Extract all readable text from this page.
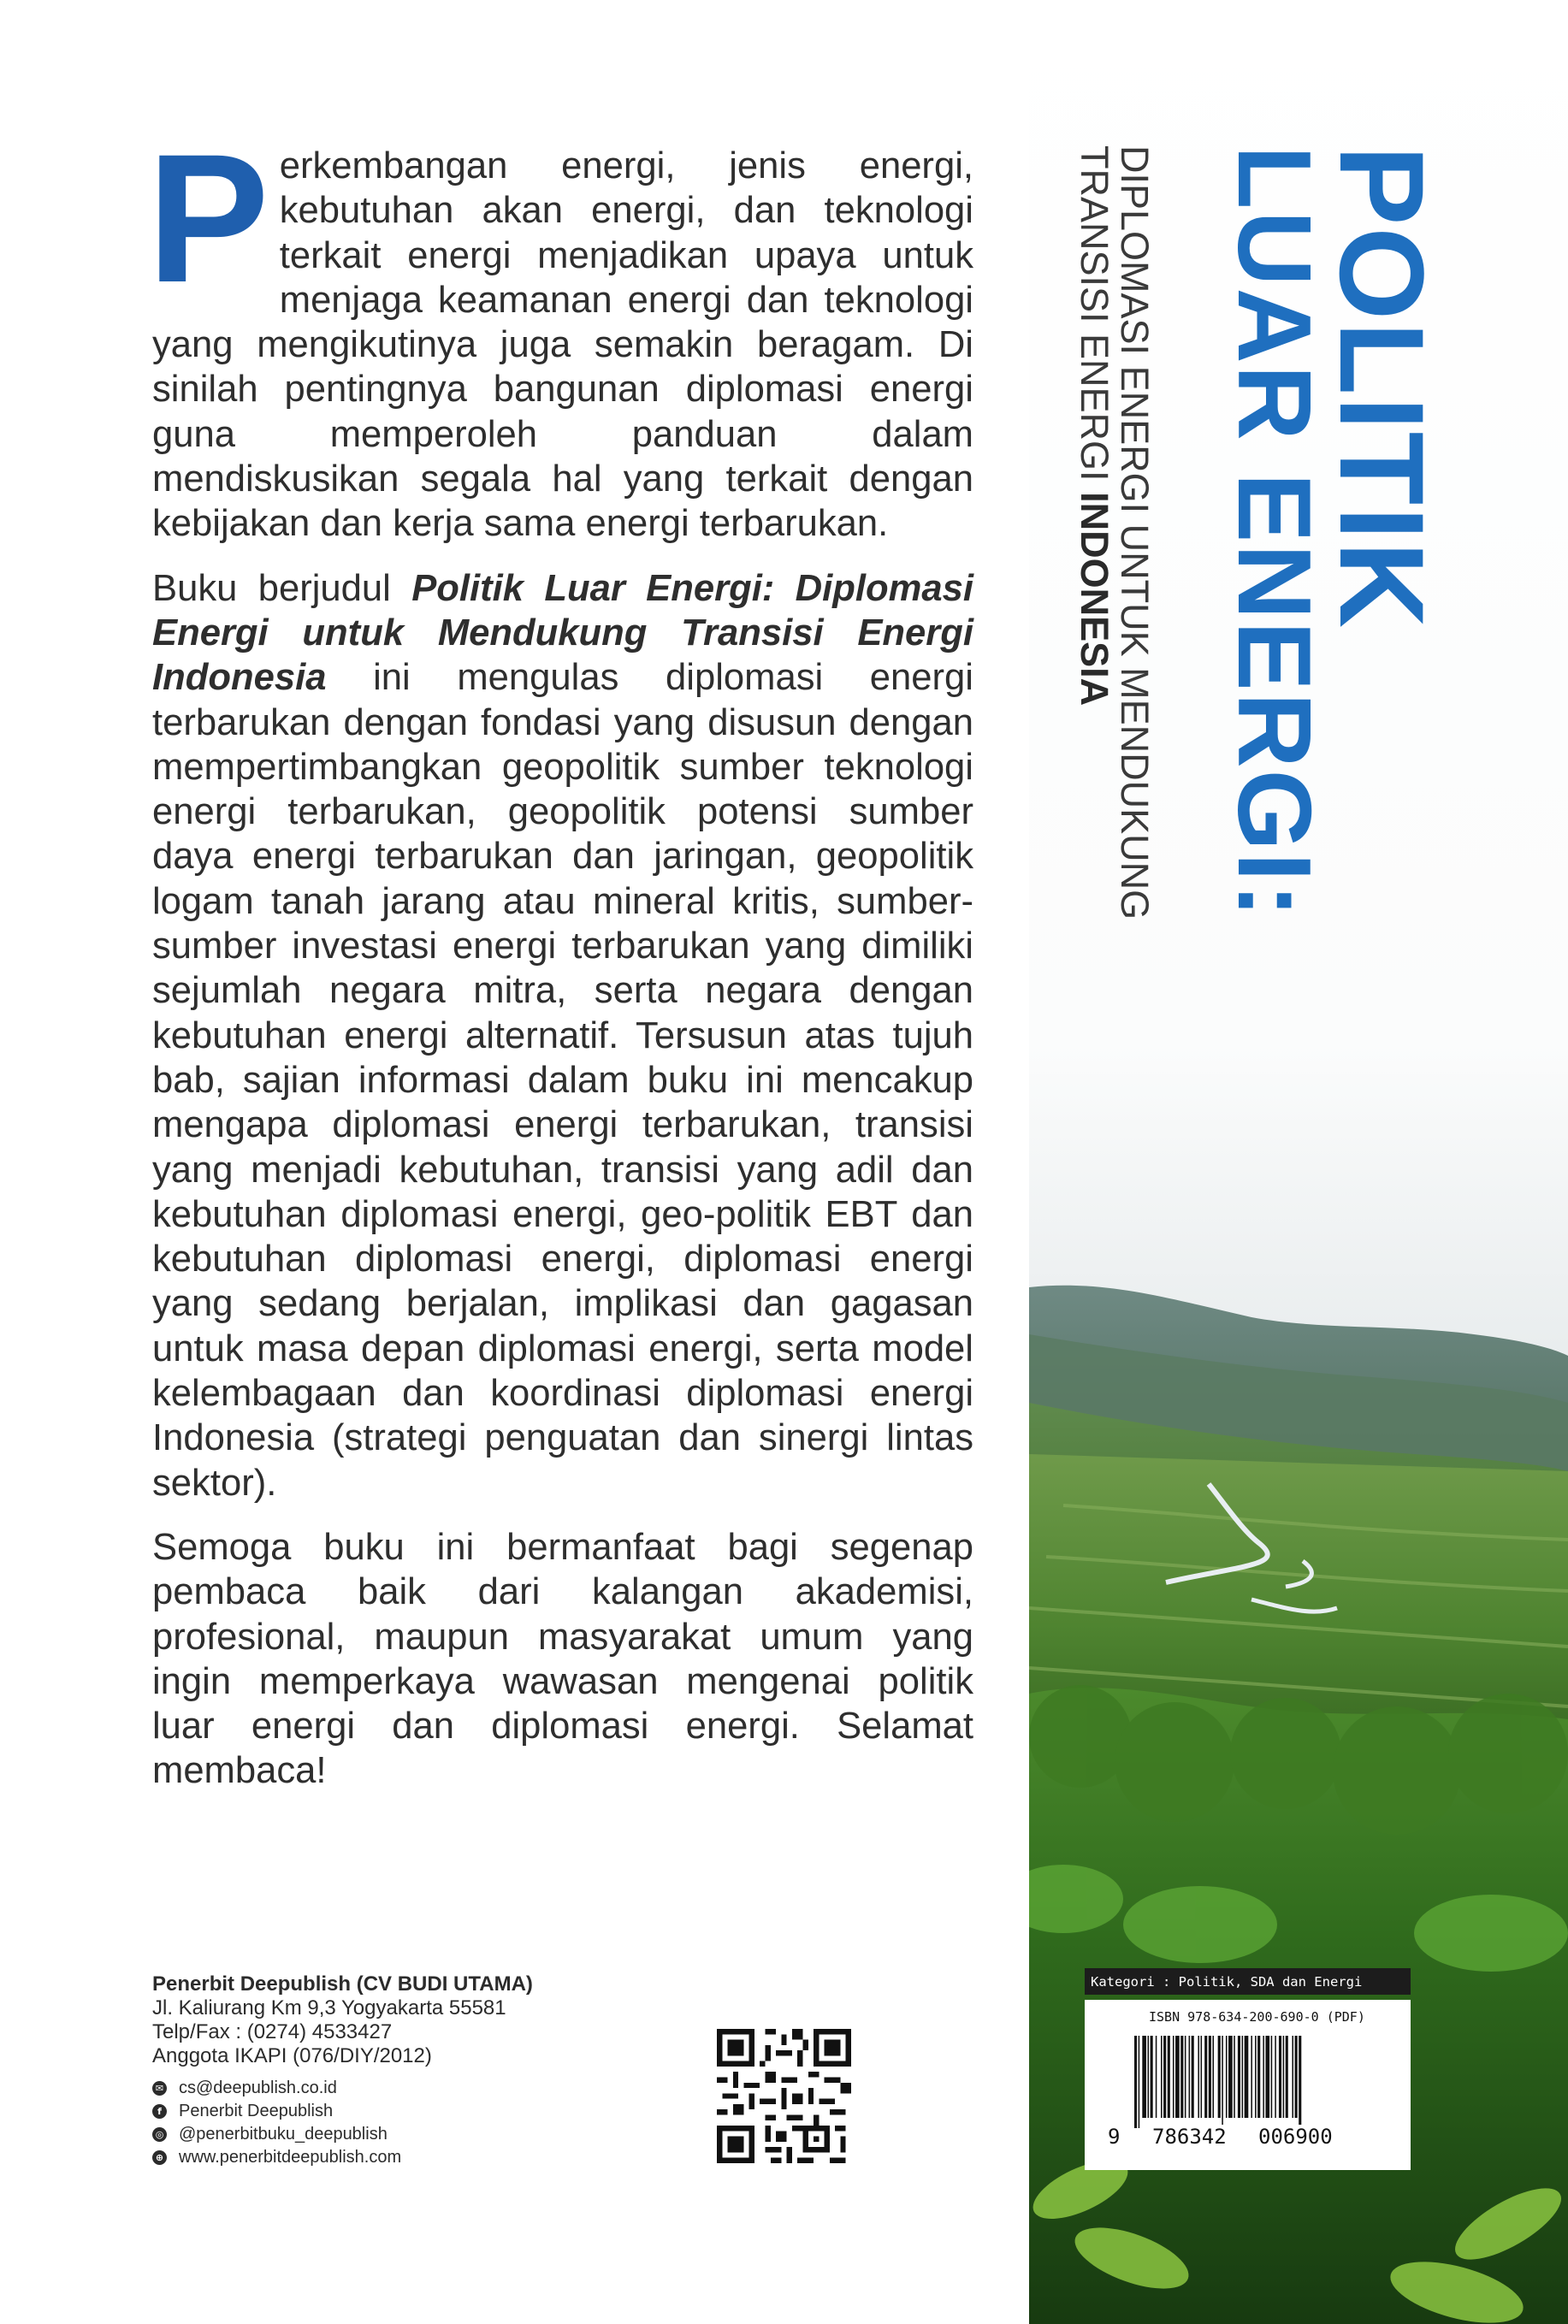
POLITIK
LUAR ENERGI:
DIPLOMASI ENERGI UNTUK MENDUKUNG
TRANSISI ENERGI INDONESIA

Perkembangan energi, jenis energi, kebutuhan akan energi, dan teknologi terkait energi menjadikan upaya untuk menjaga keamanan energi dan teknologi yang mengikutinya juga semakin beragam. Di sinilah pentingnya bangunan diplomasi energi guna memperoleh panduan dalam mendiskusikan segala hal yang terkait dengan kebijakan dan kerja sama energi terbarukan.

Buku berjudul Politik Luar Energi: Diplomasi Energi untuk Mendukung Transisi Energi Indonesia ini mengulas diplomasi energi terbarukan dengan fondasi yang disusun dengan mempertimbangkan geopolitik sumber teknologi energi terbarukan, geopolitik potensi sumber daya energi terbarukan dan jaringan, geopolitik logam tanah jarang atau mineral kritis, sumber-sumber investasi energi terbarukan yang dimiliki sejumlah negara mitra, serta negara dengan kebutuhan energi alternatif. Tersusun atas tujuh bab, sajian informasi dalam buku ini mencakup mengapa diplomasi energi terbarukan, transisi yang menjadi kebutuhan, transisi yang adil dan kebutuhan diplomasi energi, geo-politik EBT dan kebutuhan diplomasi energi, diplomasi energi yang sedang berjalan, implikasi dan gagasan untuk masa depan diplomasi energi, serta model kelembagaan dan koordinasi diplomasi energi Indonesia (strategi penguatan dan sinergi lintas sektor).

Semoga buku ini bermanfaat bagi segenap pembaca baik dari kalangan akademisi, profesional, maupun masyarakat umum yang ingin memperkaya wawasan mengenai politik luar energi dan diplomasi energi. Selamat membaca!

Penerbit Deepublish (CV BUDI UTAMA)
Jl. Kaliurang Km 9,3 Yogyakarta 55581
Telp/Fax : (0274) 4533427
Anggota IKAPI (076/DIY/2012)
✉ cs@deepublish.co.id
f	Penerbit Deepublish
◎ @penerbitbuku_deepublish
⊕ www.penerbitdeepublish.com
Kategori : Politik, SDA dan Energi
ISBN 978-634-200-690-0 (PDF)
9 786342 006900
